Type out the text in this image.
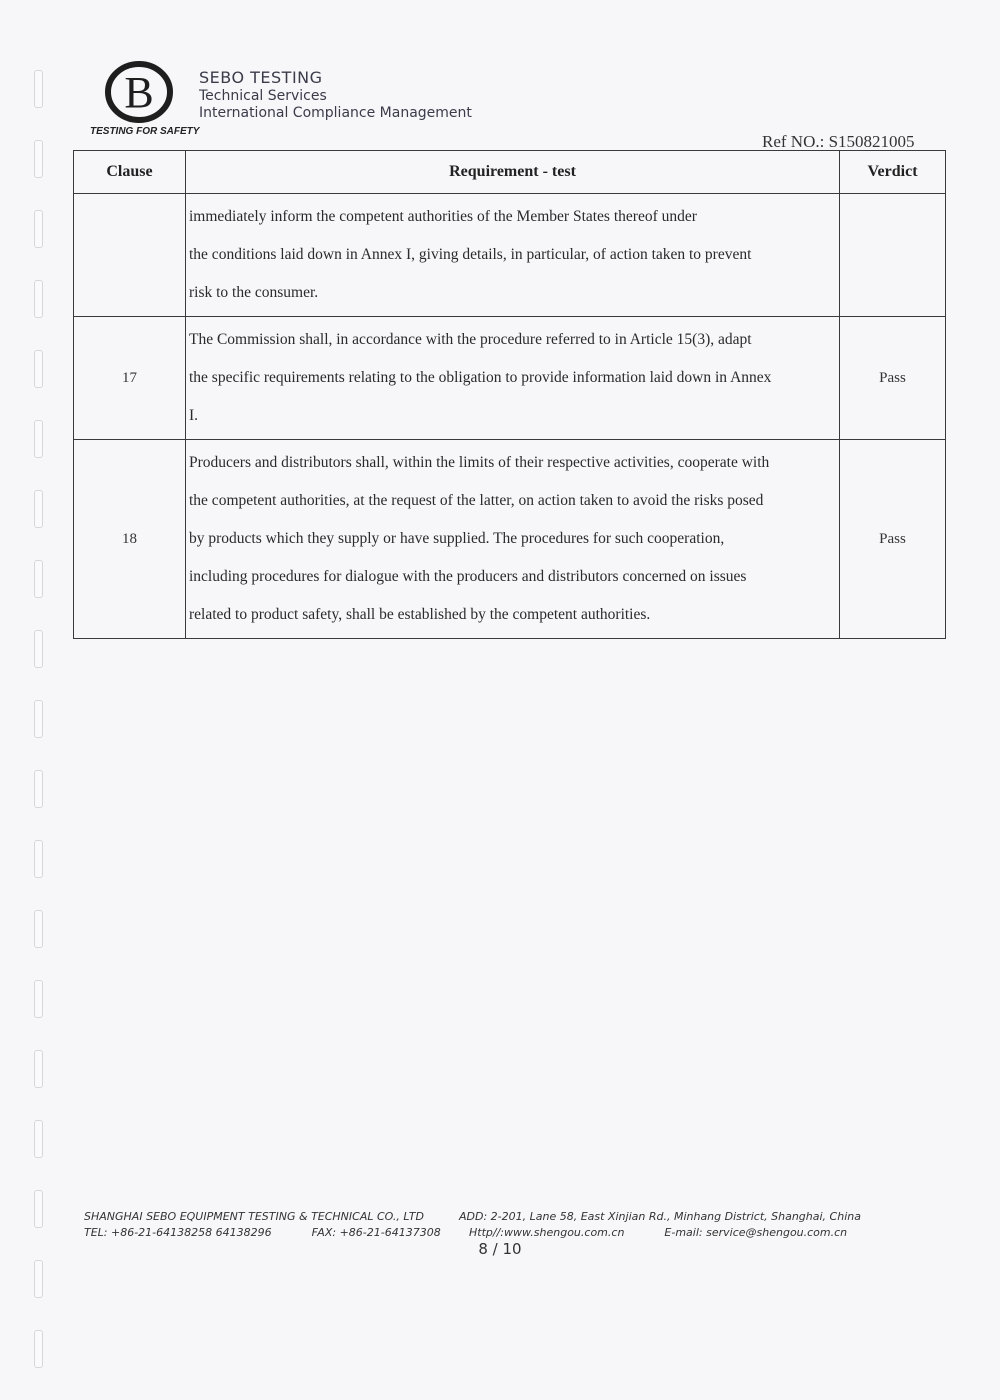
B
TESTING FOR SAFETY
SEBO TESTING
Technical Services
International Compliance Management
Ref NO.: S150821005
Clause	Requirement - test	Verdict

	immediately inform the competent authorities of the Member States thereof under

the conditions laid down in Annex I, giving details, in particular, of action taken to prevent

risk to the consumer.	

17	The Commission shall, in accordance with the procedure referred to in Article 15(3), adapt

the specific requirements relating to the obligation to provide information laid down in Annex

I.	Pass
18	Producers and distributors shall, within the limits of their respective activities, cooperate with

the competent authorities, at the request of the latter, on action taken to avoid the risks posed

by products which they supply or have supplied. The procedures for such cooperation,

including procedures for dialogue with the producers and distributors concerned on issues

related to product safety, shall be established by the competent authorities.	Pass
SHANGHAI SEBO EQUIPMENT TESTING & TECHNICAL CO., LTD
TEL: +86-21-64138258 64138296	FAX: +86-21-64137308
ADD: 2-201, Lane 58, East Xinjian Rd., Minhang District, Shanghai, China
Http//:www.shengou.com.cn	E-mail: service@shengou.com.cn
8 / 10
